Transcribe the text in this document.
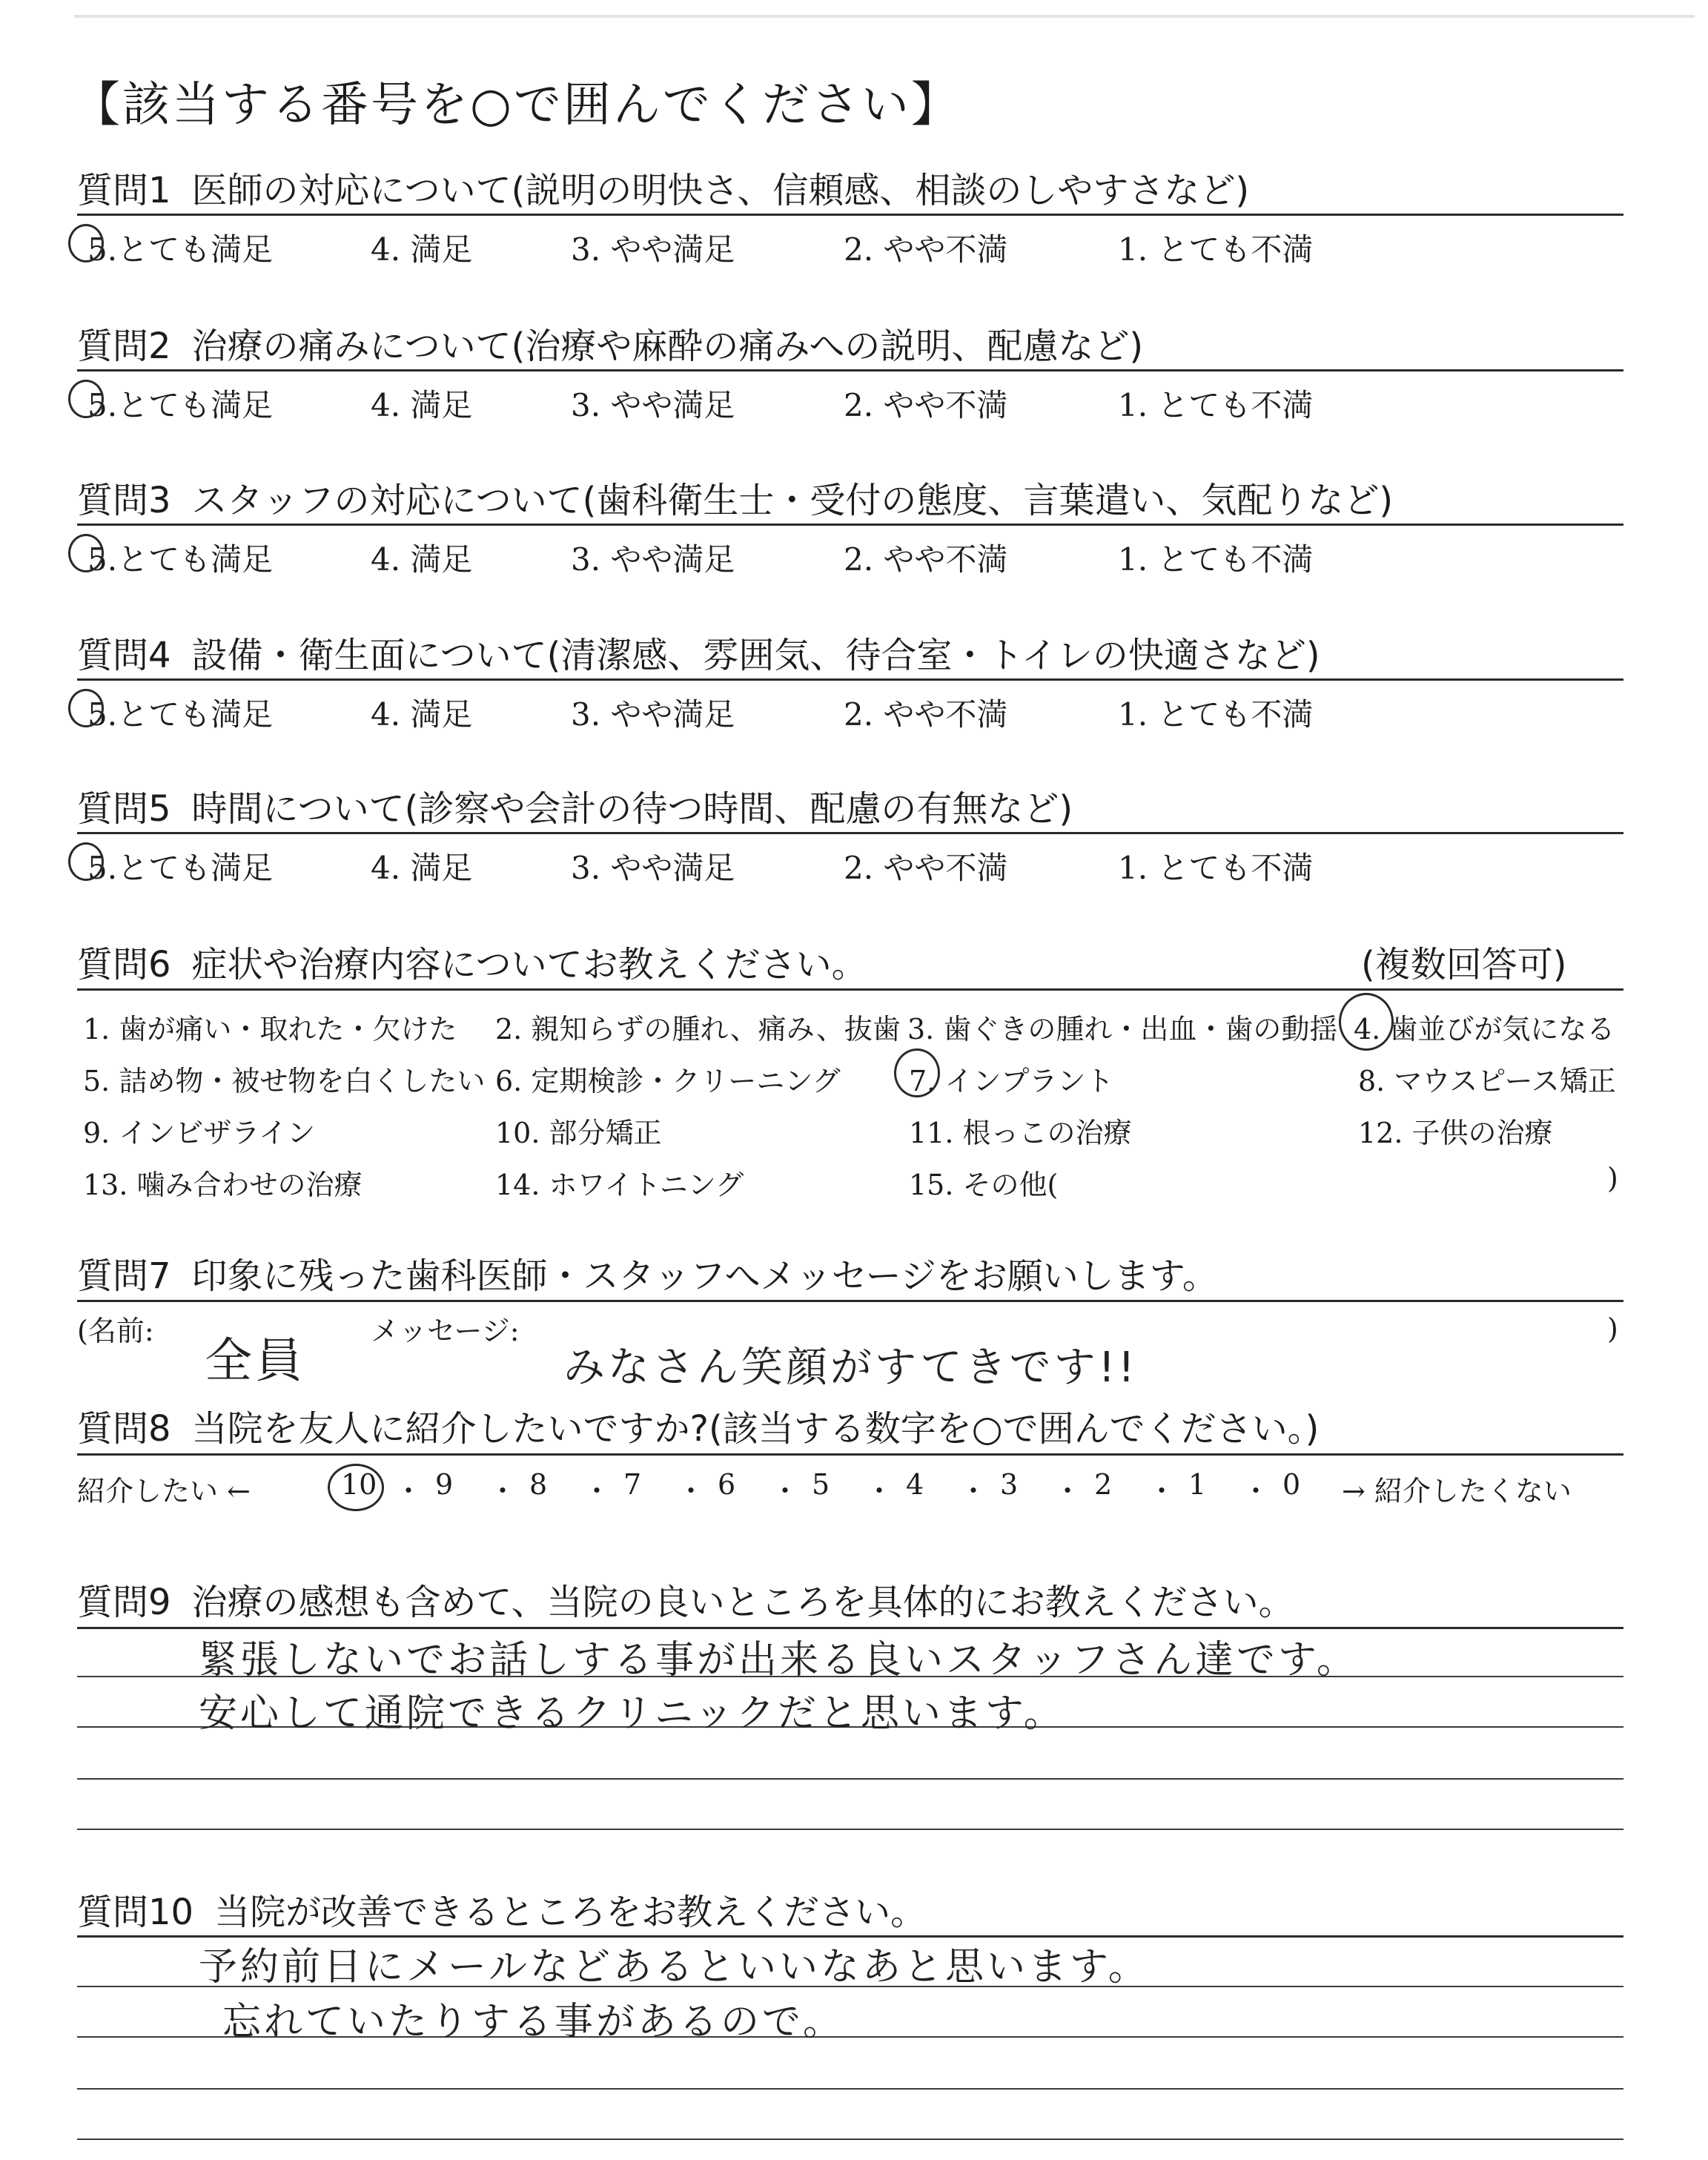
【該当する番号を○で囲んでください】
質問1 医師の対応について(説明の明快さ、信頼感、相談のしやすさなど)
5.とても満足	4. 満足	3. やや満足	2. やや不満	1. とても不満
質問2 治療の痛みについて(治療や麻酔の痛みへの説明、配慮など)
5.とても満足	4. 満足	3. やや満足	2. やや不満	1. とても不満
質問3 スタッフの対応について(歯科衛生士・受付の態度、言葉遣い、気配りなど)
5.とても満足	4. 満足	3. やや満足	2. やや不満	1. とても不満
質問4 設備・衛生面について(清潔感、雰囲気、待合室・トイレの快適さなど)
5.とても満足	4. 満足	3. やや満足	2. やや不満	1. とても不満
質問5 時間について(診察や会計の待つ時間、配慮の有無など)
5.とても満足	4. 満足	3. やや満足	2. やや不満	1. とても不満
質問6 症状や治療内容についてお教えください。	(複数回答可)
1. 歯が痛い・取れた・欠けた 2. 親知らずの腫れ、痛み、抜歯 3. 歯ぐきの腫れ・出血・歯の動揺 4. 歯並びが気になる
5. 詰め物・被せ物を白くしたい 6. 定期検診・クリーニング 7. インプラント	8. マウスピース矯正
9. インビザライン	10. 部分矯正	11. 根っこの治療	12. 子供の治療
13. 噛み合わせの治療	14. ホワイトニング	15. その他(	)
質問7 印象に残った歯科医師・スタッフへメッセージをお願いします。
(名前:	メッセージ:	)
全員	みなさん笑顔がすてきです!!
質問8 当院を友人に紹介したいですか?(該当する数字を○で囲んでください。)
紹介したい ←	→ 紹介したくない
10 ・ 9 ・ 8 ・ 7 ・ 6 ・ 5 ・ 4 ・ 3 ・ 2 ・ 1 ・ 0
質問9 治療の感想も含めて、当院の良いところを具体的にお教えください。
緊張しないでお話しする事が出来る良いスタッフさん達です。
安心して通院できるクリニックだと思います。
質問10 当院が改善できるところをお教えください。
予約前日にメールなどあるといいなあと思います。
忘れていたりする事があるので。
